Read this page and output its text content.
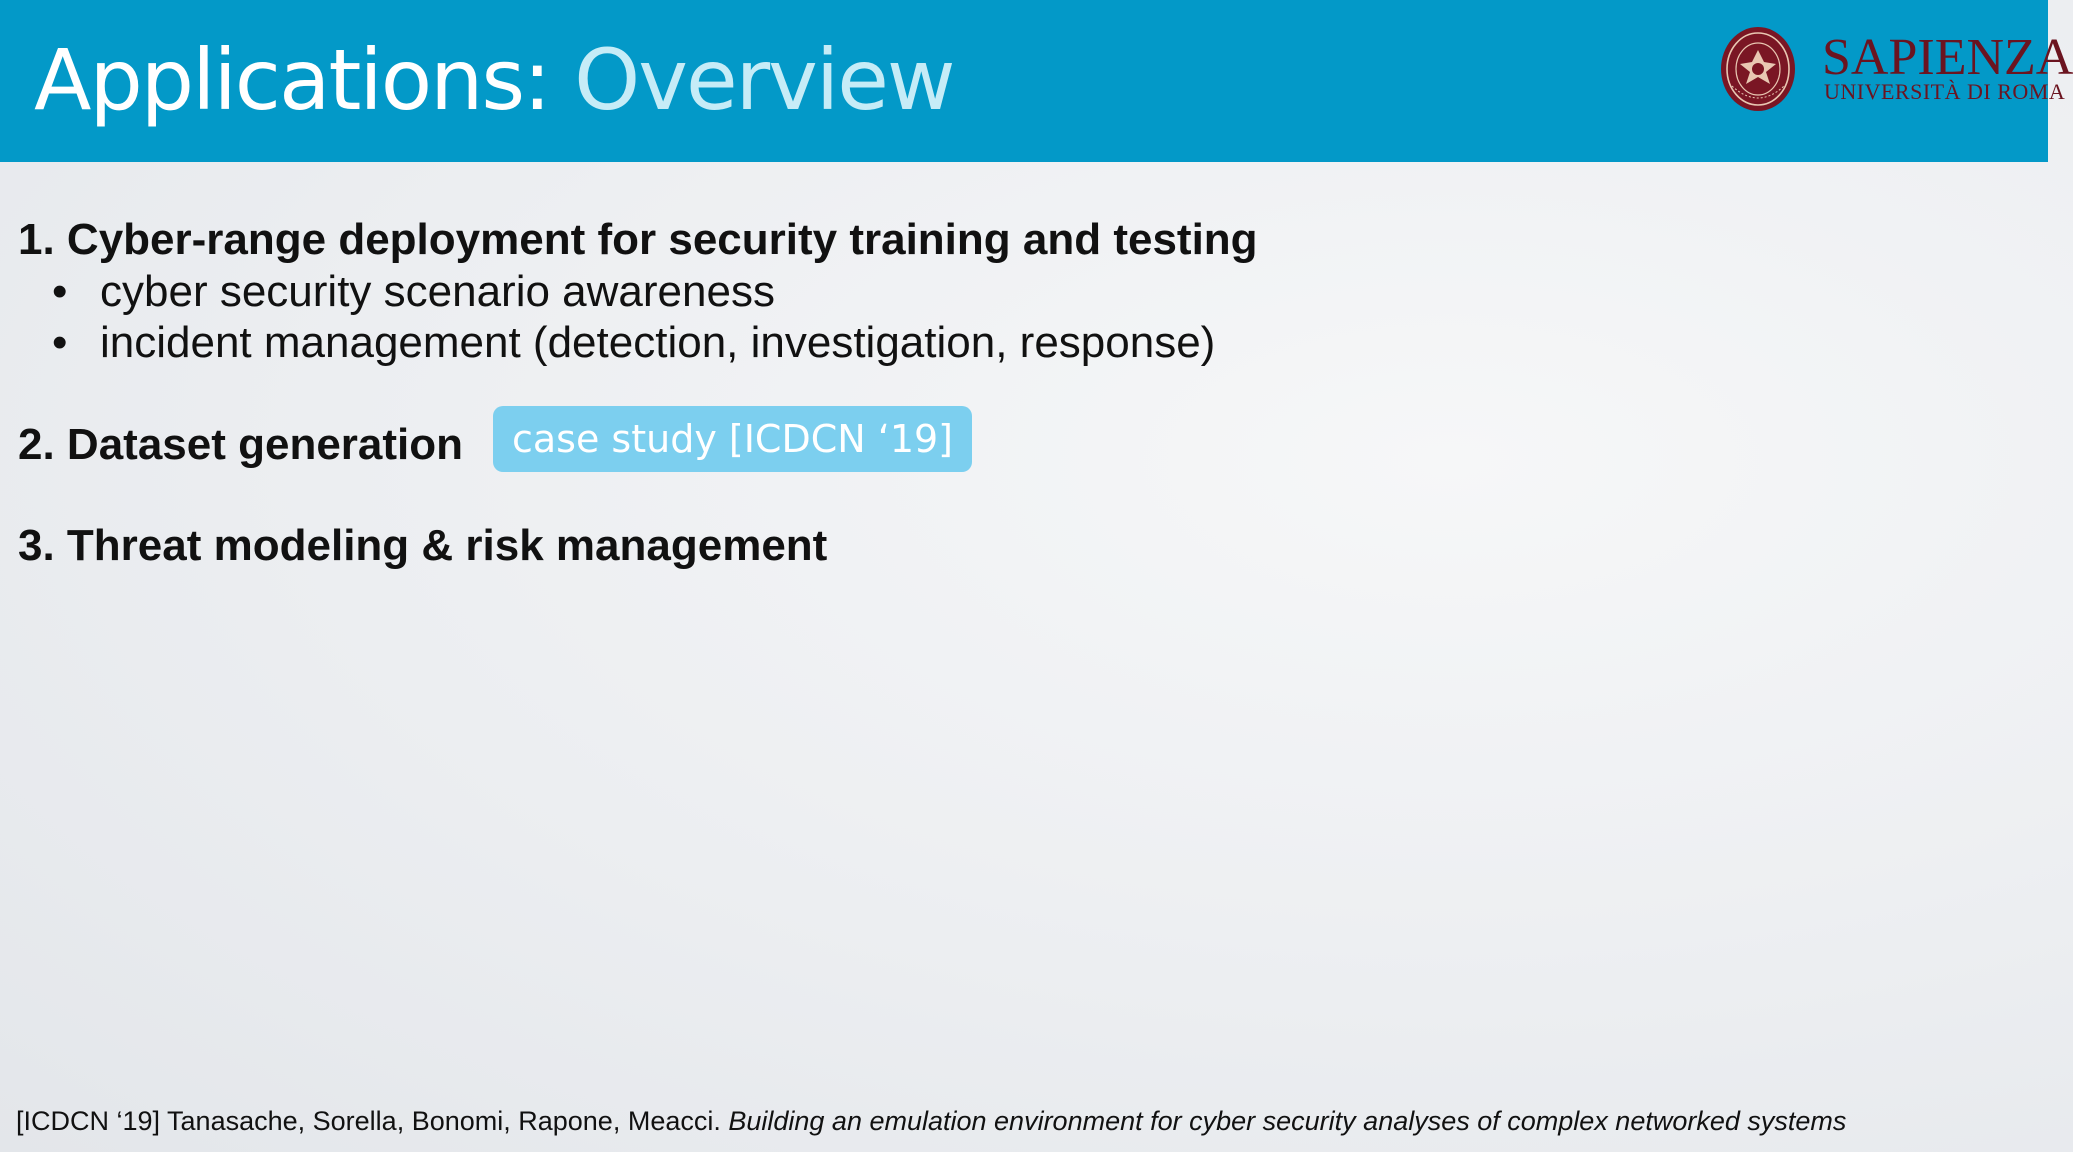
Applications: Overview	SAPIENZA
UNIVERSITÀ DI ROMA
1. Cyber-range deployment for security training and testing
• cyber security scenario awareness
• incident management (detection, investigation, response)
2. Dataset generation	case study [ICDCN ‘19]
3. Threat modeling & risk management
[ICDCN ‘19] Tanasache, Sorella, Bonomi, Rapone, Meacci. Building an emulation environment for cyber security analyses of complex networked systems
